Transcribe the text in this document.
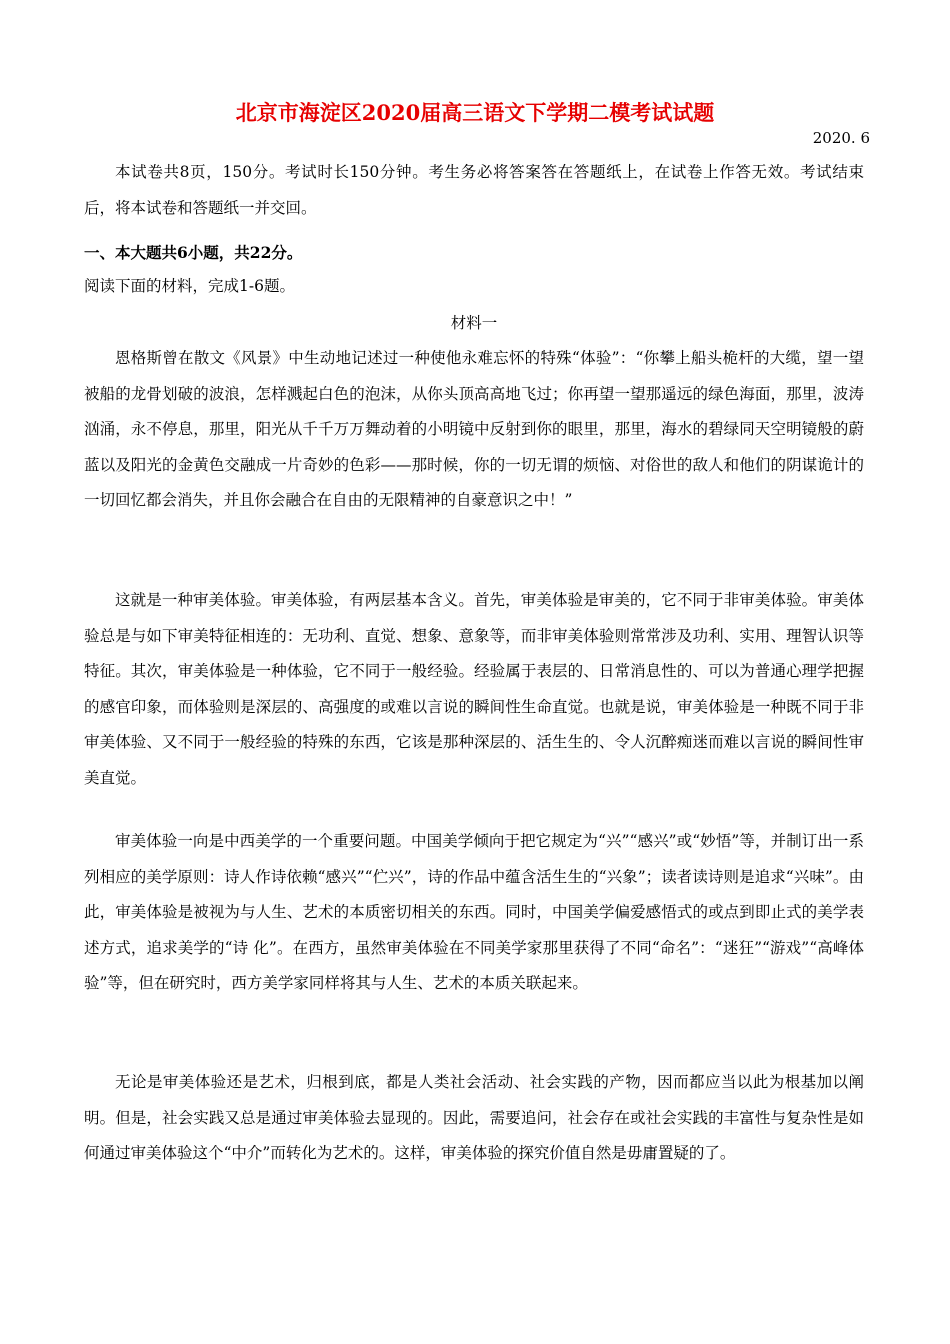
北京市海淀区2020届高三语文下学期二模考试试题
2020. 6

本试卷共8页，150分。考试时长150分钟。考生务必将答案答在答题纸上，在试卷上作答无效。考试结束后，将本试卷和答题纸一并交回。

一、本大题共6小题，共22分。

阅读下面的材料，完成1-6题。

材料一

恩格斯曾在散文《风景》中生动地记述过一种使他永难忘怀的特殊“体验”：“你攀上船头桅杆的大缆，望一望被船的龙骨划破的波浪，怎样溅起白色的泡沫，从你头顶高高地飞过；你再望一望那遥远的绿色海面，那里，波涛汹涌，永不停息，那里，阳光从千千万万舞动着的小明镜中反射到你的眼里，那里，海水的碧绿同天空明镜般的蔚蓝以及阳光的金黄色交融成一片奇妙的色彩——那时候，你的一切无谓的烦恼、对俗世的敌人和他们的阴谋诡计的一切回忆都会消失，并且你会融合在自由的无限精神的自豪意识之中！”

这就是一种审美体验。审美体验，有两层基本含义。首先，审美体验是审美的，它不同于非审美体验。审美体验总是与如下审美特征相连的：无功利、直觉、想象、意象等，而非审美体验则常常涉及功利、实用、理智认识等特征。其次，审美体验是一种体验，它不同于一般经验。经验属于表层的、日常消息性的、可以为普通心理学把握的感官印象，而体验则是深层的、高强度的或难以言说的瞬间性生命直觉。也就是说，审美体验是一种既不同于非审美体验、又不同于一般经验的特殊的东西，它该是那种深层的、活生生的、令人沉醉痴迷而难以言说的瞬间性审美直觉。

审美体验一向是中西美学的一个重要问题。中国美学倾向于把它规定为“兴”“感兴”或“妙悟”等，并制订出一系列相应的美学原则：诗人作诗依赖“感兴”“伫兴”，诗的作品中蕴含活生生的“兴象”；读者读诗则是追求“兴味”。由此，审美体验是被视为与人生、艺术的本质密切相关的东西。同时，中国美学偏爱感悟式的或点到即止式的美学表述方式，追求美学的“诗 化”。在西方，虽然审美体验在不同美学家那里获得了不同“命名”：“迷狂”“游戏”“高峰体验”等，但在研究时，西方美学家同样将其与人生、艺术的本质关联起来。

无论是审美体验还是艺术，归根到底，都是人类社会活动、社会实践的产物，因而都应当以此为根基加以阐明。但是，社会实践又总是通过审美体验去显现的。因此，需要追问，社会存在或社会实践的丰富性与复杂性是如何通过审美体验这个“中介”而转化为艺术的。这样，审美体验的探究价值自然是毋庸置疑的了。
